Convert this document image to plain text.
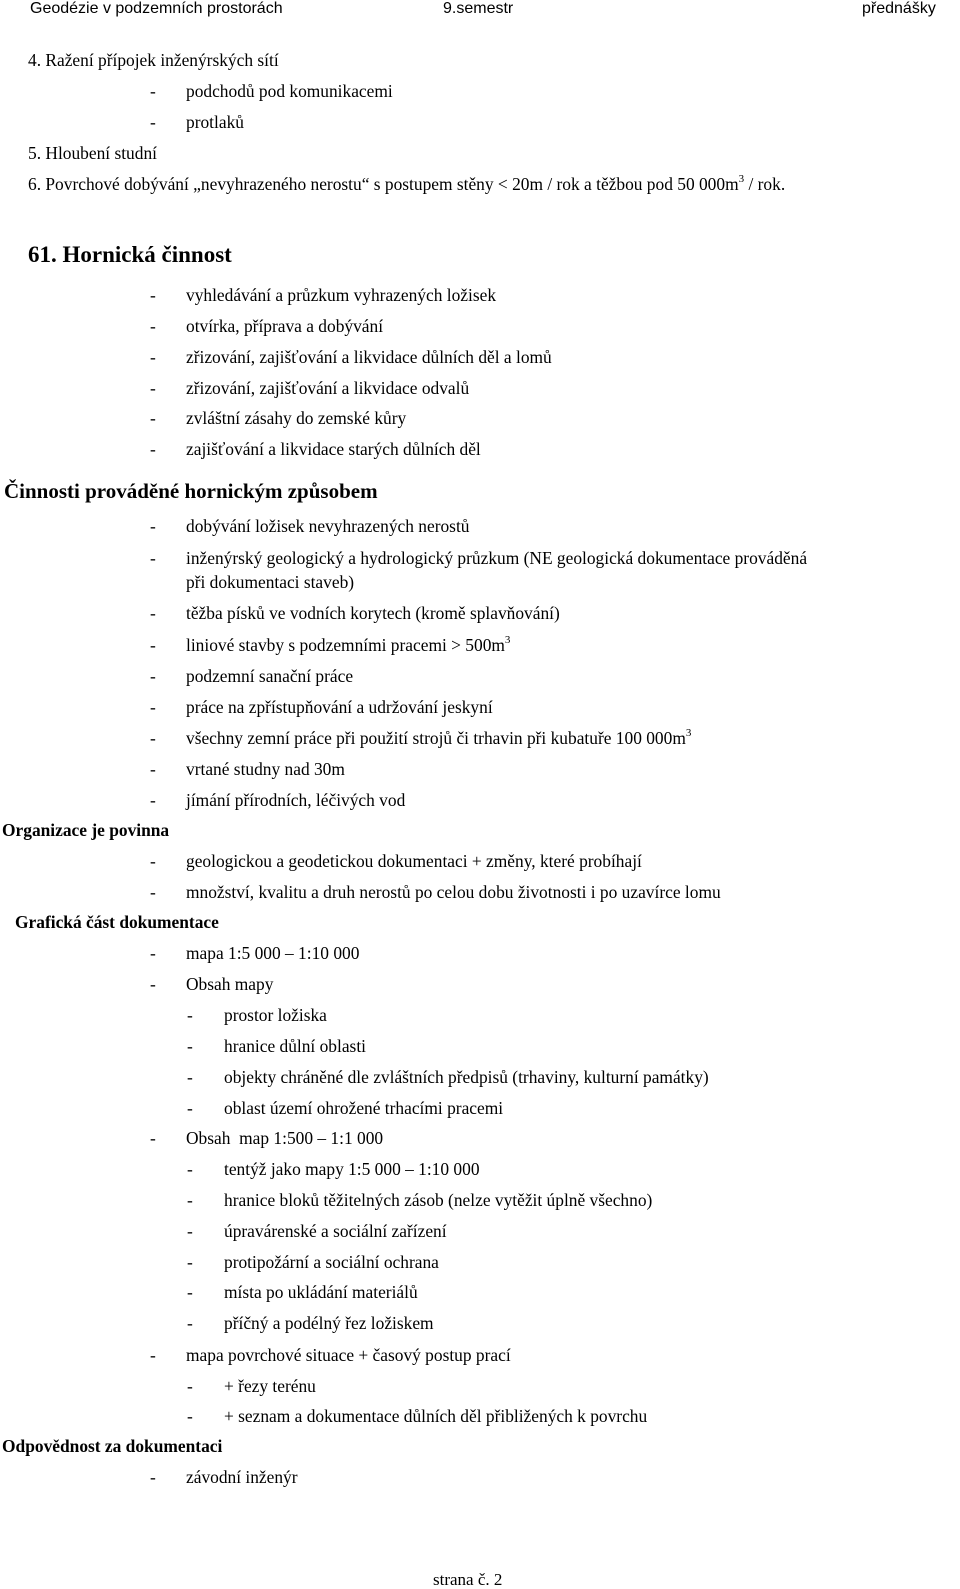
Geodézie v podzemních prostorách	9.semestr	přednášky
4. Ražení přípojek inženýrských sítí
- podchodů pod komunikacemi
- protlaků
5. Hloubení studní
6. Povrchové dobývání „nevyhrazeného nerostu“ s postupem stěny < 20m / rok a těžbou pod 50 $000m^3$ / rok.
61. Hornická činnost
- vyhledávání a průzkum vyhrazených ložisek
- otvírka, příprava a dobývání
- zřizování, zajišťování a likvidace důlních děl a lomů
- zřizování, zajišťování a likvidace odvalů
- zvláštní zásahy do zemské kůry
- zajišťování a likvidace starých důlních děl
Činnosti prováděné hornickým způsobem
- dobývání ložisek nevyhrazených nerostů
- inženýrský geologický a hydrologický průzkum (NE geologická dokumentace prováděná
při dokumentaci staveb)
- těžba písků ve vodních korytech (kromě splavňování)
- liniové stavby s podzemními pracemi > $500m^3$
- podzemní sanační práce
- práce na zpřístupňování a udržování jeskyní
- všechny zemní práce při použití strojů či trhavin při kubatuře 100 $000m^3$
- vrtané studny nad 30m
- jímání přírodních, léčivých vod
Organizace je povinna
- geologickou a geodetickou dokumentaci + změny, které probíhají
- množství, kvalitu a druh nerostů po celou dobu životnosti i po uzavírce lomu
Grafická část dokumentace
- mapa 1:5 000 – 1:10 000
- Obsah mapy
- prostor ložiska
- hranice důlní oblasti
- objekty chráněné dle zvláštních předpisů (trhaviny, kulturní památky)
- oblast území ohrožené trhacími pracemi
- Obsah  map 1:500 – 1:1 000
- tentýž jako mapy 1:5 000 – 1:10 000
- hranice bloků těžitelných zásob (nelze vytěžit úplně všechno)
- úpravárenské a sociální zařízení
- protipožární a sociální ochrana
- místa po ukládání materiálů
- příčný a podélný řez ložiskem
- mapa povrchové situace + časový postup prací
- + řezy terénu
- + seznam a dokumentace důlních děl přibližených k povrchu
Odpovědnost za dokumentaci
- závodní inženýr
strana č. 2
